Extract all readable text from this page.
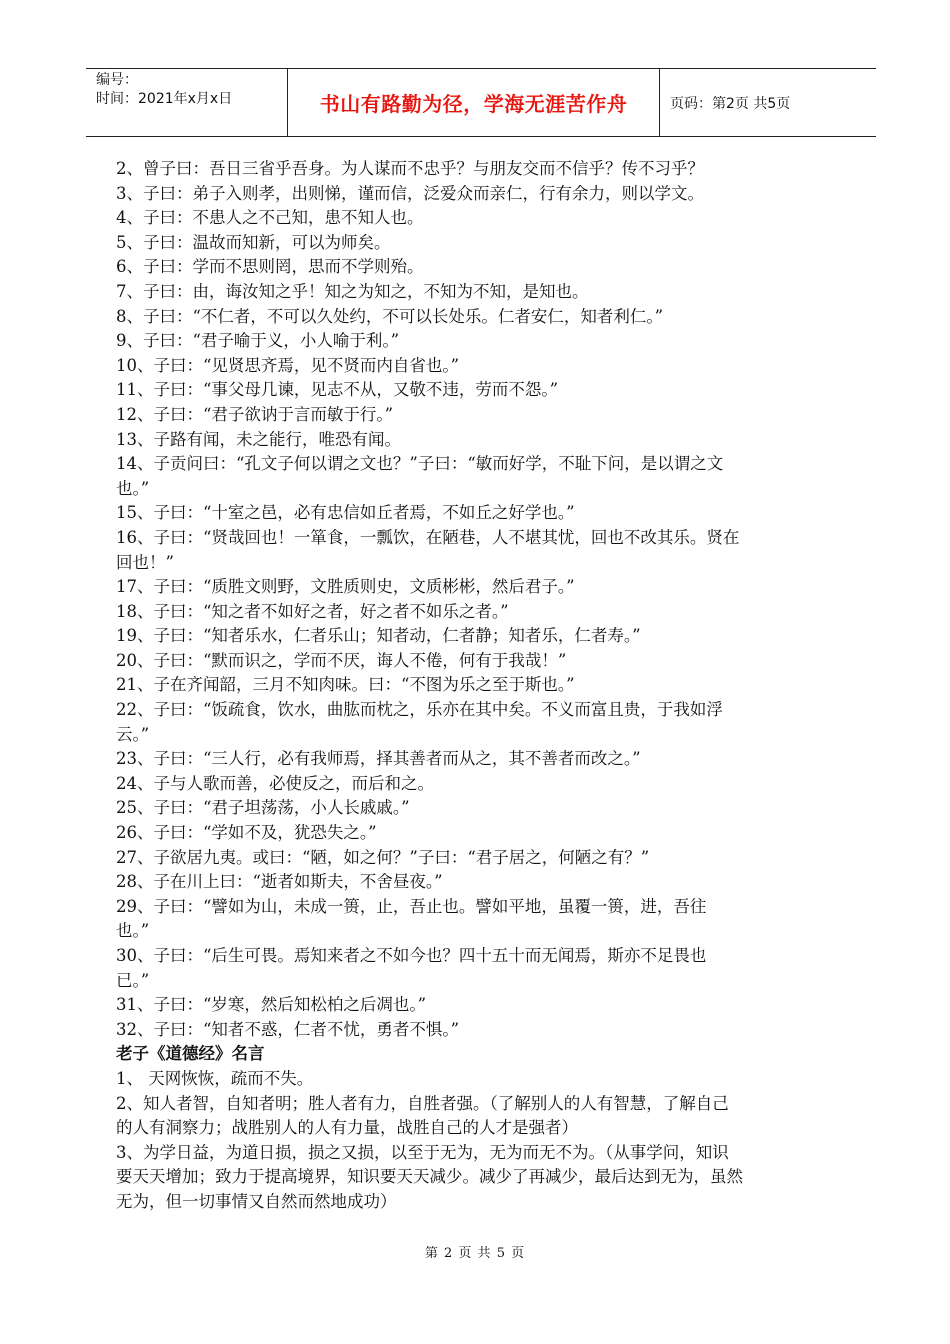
编号：
时间：2021年x月x日	书山有路勤为径，学海无涯苦作舟	页码：第2页 共5页
2、曾子曰：吾日三省乎吾身。为人谋而不忠乎？与朋友交而不信乎？传不习乎？
3、子曰：弟子入则孝，出则悌，谨而信，泛爱众而亲仁，行有余力，则以学文。
4、子曰：不患人之不己知，患不知人也。
5、子曰：温故而知新，可以为师矣。
6、子曰：学而不思则罔，思而不学则殆。
7、子曰：由，诲汝知之乎！知之为知之，不知为不知，是知也。
8、子曰：“不仁者，不可以久处约，不可以长处乐。仁者安仁，知者利仁。”
9、子曰：“君子喻于义，小人喻于利。”
10、子曰：“见贤思齐焉，见不贤而内自省也。”
11、子曰：“事父母几谏，见志不从，又敬不违，劳而不怨。”
12、子曰：“君子欲讷于言而敏于行。”
13、子路有闻，未之能行，唯恐有闻。
14、子贡问曰：“孔文子何以谓之文也？”子曰：“敏而好学，不耻下问，是以谓之文
也。”
15、子曰：“十室之邑，必有忠信如丘者焉，不如丘之好学也。”
16、子曰：“贤哉回也！一箪食，一瓢饮，在陋巷，人不堪其忧，回也不改其乐。贤在
回也！”
17、子曰：“质胜文则野，文胜质则史，文质彬彬，然后君子。”
18、子曰：“知之者不如好之者，好之者不如乐之者。”
19、子曰：“知者乐水，仁者乐山；知者动，仁者静；知者乐，仁者寿。”
20、子曰：“默而识之，学而不厌，诲人不倦，何有于我哉！”
21、子在齐闻韶，三月不知肉味。曰：“不图为乐之至于斯也。”
22、子曰：“饭疏食，饮水，曲肱而枕之，乐亦在其中矣。不义而富且贵，于我如浮
云。”
23、子曰：“三人行，必有我师焉，择其善者而从之，其不善者而改之。”
24、子与人歌而善，必使反之，而后和之。
25、子曰：“君子坦荡荡，小人长戚戚。”
26、子曰：“学如不及，犹恐失之。”
27、子欲居九夷。或曰：“陋，如之何？”子曰：“君子居之，何陋之有？”
28、子在川上曰：“逝者如斯夫，不舍昼夜。”
29、子曰：“譬如为山，未成一篑，止，吾止也。譬如平地，虽覆一篑，进，吾往
也。”
30、子曰：“后生可畏。焉知来者之不如今也？四十五十而无闻焉，斯亦不足畏也
已。”
31、子曰：“岁寒，然后知松柏之后凋也。”
32、子曰：“知者不惑，仁者不忧，勇者不惧。”
老子《道德经》名言
1、 天网恢恢，疏而不失。
2、知人者智，自知者明；胜人者有力，自胜者强。（了解别人的人有智慧，了解自己
的人有洞察力；战胜别人的人有力量，战胜自己的人才是强者）
3、为学日益，为道日损，损之又损，以至于无为，无为而无不为。（从事学问，知识
要天天增加；致力于提高境界，知识要天天减少。减少了再减少，最后达到无为，虽然
无为，但一切事情又自然而然地成功）
第 2 页 共 5 页
